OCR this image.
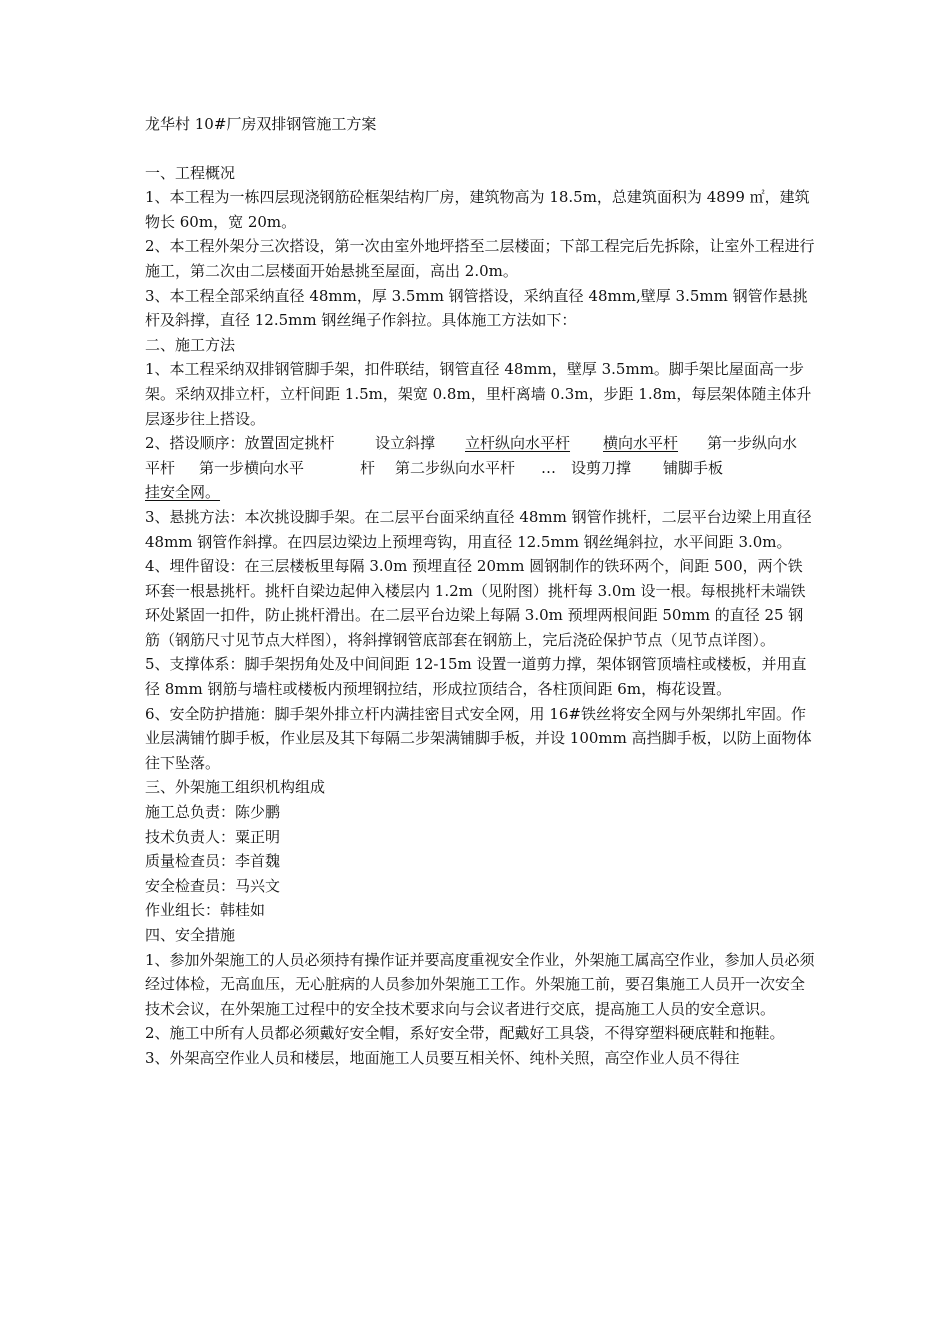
龙华村 10#厂房双排钢管施工方案

一、工程概况

1、本工程为一栋四层现浇钢筋砼框架结构厂房，建筑物高为 18.5m，总建筑面积为 4899 ㎡，建筑物长 60m，宽 20m。

2、本工程外架分三次搭设，第一次由室外地坪搭至二层楼面；下部工程完后先拆除，让室外工程进行施工，第二次由二层楼面开始悬挑至屋面，高出 2.0m。

3、本工程全部采纳直径 48mm，厚 3.5mm 钢管搭设，采纳直径 48mm,壁厚 3.5mm 钢管作悬挑杆及斜撑，直径 12.5mm 钢丝绳子作斜拉。具体施工方法如下：

二、施工方法

1、本工程采纳双排钢管脚手架，扣件联结，钢管直径 48mm，壁厚 3.5mm。脚手架比屋面高一步架。采纳双排立杆，立杆间距 1.5m，架宽 0.8m，里杆离墙 0.3m，步距 1.8m，每层架体随主体升层逐步往上搭设。

2、搭设顺序：放置固定挑杆	设立斜撑 立杆纵向水平杆 横向水平杆 第一步纵向水
平杆 第一步横向水平	杆 第二步纵向水平杆 … 设剪刀撑 铺脚手板
挂安全网。

3、悬挑方法：本次挑设脚手架。在二层平台面采纳直径 48mm 钢管作挑杆，二层平台边梁上用直径 48mm 钢管作斜撑。在四层边梁边上预埋弯钩，用直径 12.5mm 钢丝绳斜拉，水平间距 3.0m。

4、埋件留设：在三层楼板里每隔 3.0m 预埋直径 20mm 圆钢制作的铁环两个，间距 500，两个铁环套一根悬挑杆。挑杆自梁边起伸入楼层内 1.2m（见附图）挑杆每 3.0m 设一根。每根挑杆未端铁环处紧固一扣件，防止挑杆滑出。在二层平台边梁上每隔 3.0m 预埋两根间距 50mm 的直径 25 钢筋（钢筋尺寸见节点大样图），将斜撑钢管底部套在钢筋上，完后浇砼保护节点（见节点详图）。

5、支撑体系：脚手架拐角处及中间间距 12-15m 设置一道剪力撑，架体钢管顶墙柱或楼板，并用直径 8mm 钢筋与墙柱或楼板内预埋钢拉结，形成拉顶结合，各柱顶间距 6m，梅花设置。

6、安全防护措施：脚手架外排立杆内满挂密目式安全网，用 16#铁丝将安全网与外架绑扎牢固。作业层满铺竹脚手板，作业层及其下每隔二步架满铺脚手板，并设 100mm 高挡脚手板，以防上面物体往下坠落。

三、外架施工组织机构组成

施工总负责：陈少鹏

技术负责人：粟正明

质量检查员：李首魏

安全检查员：马兴文

作业组长：韩桂如

四、安全措施

1、参加外架施工的人员必须持有操作证并要高度重视安全作业，外架施工属高空作业，参加人员必须经过体检，无高血压，无心脏病的人员参加外架施工工作。外架施工前，要召集施工人员开一次安全技术会议，在外架施工过程中的安全技术要求向与会议者进行交底，提高施工人员的安全意识。

2、施工中所有人员都必须戴好安全帽，系好安全带，配戴好工具袋，不得穿塑料硬底鞋和拖鞋。

3、外架高空作业人员和楼层，地面施工人员要互相关怀、纯朴关照，高空作业人员不得往
